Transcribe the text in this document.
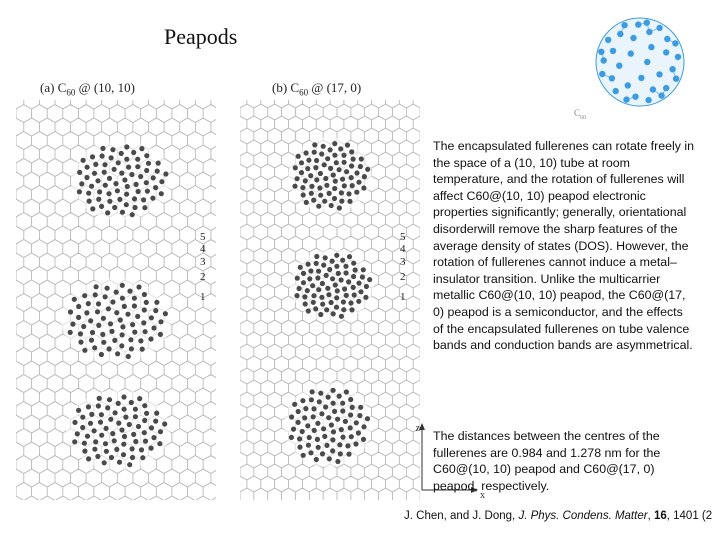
Peapods
(a) $C_{60}$ @ (10, 10)	(b) $C_{60}$ @ (17, 0)
5
4
3
2
1
5
4
3
2
1
$C_{60}$
The encapsulated fullerenes can rotate freely in the space of a (10, 10) tube at room temperature, and the rotation of fullerenes will affect C60@(10, 10) peapod electronic properties significantly; generally, orientational disorderwill remove the sharp features of the average density of states (DOS). However, the rotation of fullerenes cannot induce a metal–insulator transition. Unlike the multicarrier metallic C60@(10, 10) peapod, the C60@(17, 0) peapod is a semiconductor, and the effects of the encapsulated fullerenes on tube valence bands and conduction bands are asymmetrical.
z
x
The distances between the centres of the fullerenes are 0.984 and 1.278 nm for the C60@(10, 10) peapod and C60@(17, 0) peapod, respectively.
J. Chen, and J. Dong, J. Phys. Condens. Matter, 16, 1401 (2
